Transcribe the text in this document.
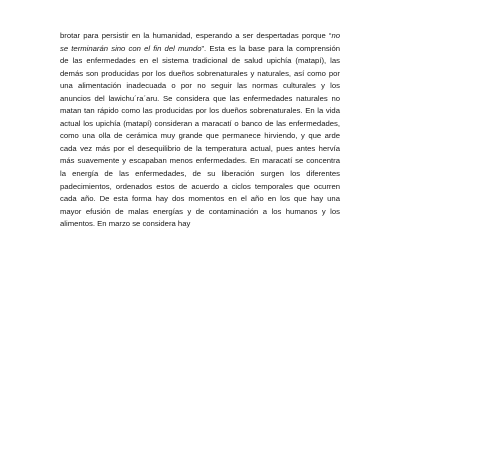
brotar para persistir en la humanidad, esperando a ser despertadas porque “no
se terminarán sino con el fin del mundo”. Esta es la base para la comprensión
de las enfermedades en el sistema tradicional de salud upichía (matapí), las
demás son producidas por los dueños sobrenaturales y naturales, así como por
una alimentación inadecuada o por no seguir las normas culturales y los
anuncios del lawichu´ra´aru. Se considera que las enfermedades naturales no
matan tan rápido como las producidas por los dueños sobrenaturales. En la vida
actual los upichía (matapí) consideran a maracatí o banco de las enfermedades,
como una olla de cerámica muy grande que permanece hirviendo, y que arde
cada vez más por el desequilibrio de la temperatura actual, pues antes hervía
más suavemente y escapaban menos enfermedades. En maracatí se concentra
la energía de las enfermedades, de su liberación surgen los diferentes
padecimientos, ordenados estos de acuerdo a ciclos temporales que ocurren
cada año. De esta forma hay dos momentos en el año en los que hay una
mayor efusión de malas energías y de contaminación a los humanos y los
alimentos. En marzo se considera hay
